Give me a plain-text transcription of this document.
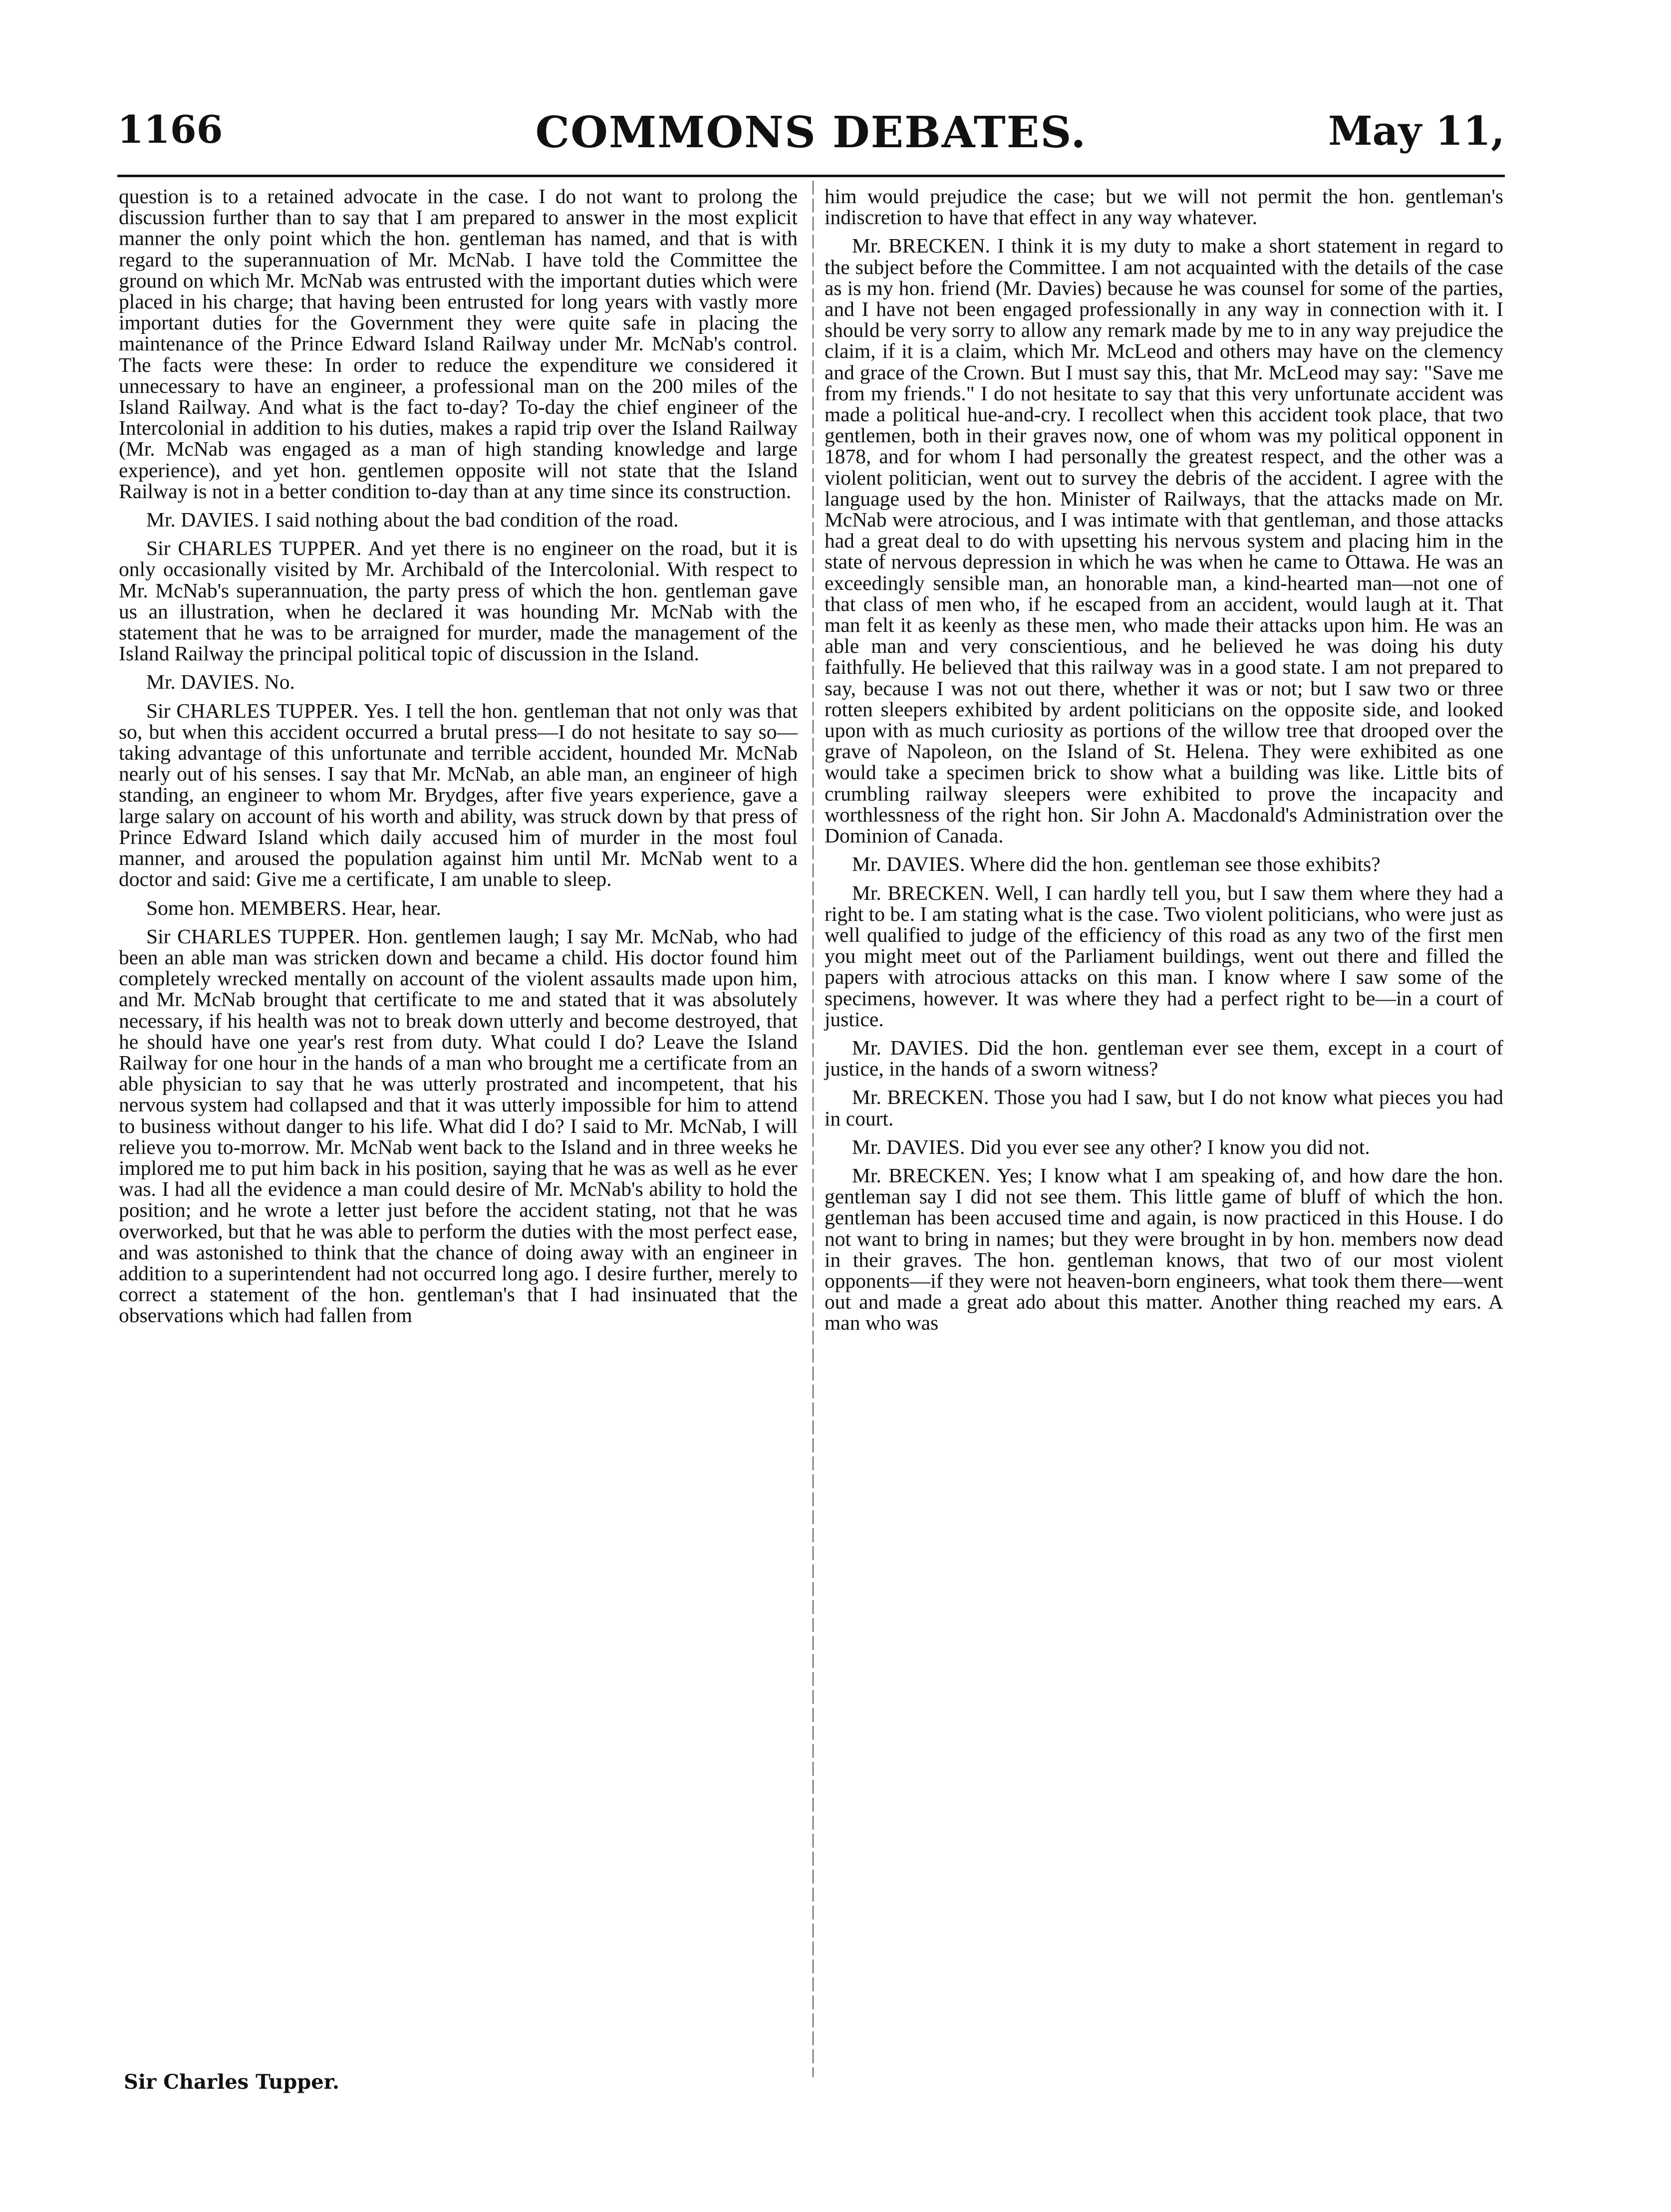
1166	COMMONS DEBATES.	May 11,

question is to a retained advocate in the case. I do not want to prolong the discussion further than to say that I am prepared to answer in the most explicit manner the only point which the hon. gentleman has named, and that is with regard to the superannuation of Mr. McNab. I have told the Committee the ground on which Mr. McNab was entrusted with the important duties which were placed in his charge; that having been entrusted for long years with vastly more important duties for the Government they were quite safe in placing the maintenance of the Prince Edward Island Railway under Mr. McNab's control. The facts were these: In order to reduce the expenditure we considered it unnecessary to have an engineer, a professional man on the 200 miles of the Island Railway. And what is the fact to-day? To-day the chief engineer of the Intercolonial in addition to his duties, makes a rapid trip over the Island Railway (Mr. McNab was engaged as a man of high standing knowledge and large experience), and yet hon. gentlemen opposite will not state that the Island Railway is not in a better condition to-day than at any time since its construction.

Mr. DAVIES. I said nothing about the bad condition of the road.

Sir CHARLES TUPPER. And yet there is no engineer on the road, but it is only occasionally visited by Mr. Archibald of the Intercolonial. With respect to Mr. McNab's superannuation, the party press of which the hon. gentleman gave us an illustration, when he declared it was hounding Mr. McNab with the statement that he was to be arraigned for murder, made the management of the Island Railway the principal political topic of discussion in the Island.

Mr. DAVIES. No.

Sir CHARLES TUPPER. Yes. I tell the hon. gentleman that not only was that so, but when this accident occurred a brutal press—I do not hesitate to say so—taking advantage of this unfortunate and terrible accident, hounded Mr. McNab nearly out of his senses. I say that Mr. McNab, an able man, an engineer of high standing, an engineer to whom Mr. Brydges, after five years experience, gave a large salary on account of his worth and ability, was struck down by that press of Prince Edward Island which daily accused him of murder in the most foul manner, and aroused the population against him until Mr. McNab went to a doctor and said: Give me a certificate, I am unable to sleep.

Some hon. MEMBERS. Hear, hear.

Sir CHARLES TUPPER. Hon. gentlemen laugh; I say Mr. McNab, who had been an able man was stricken down and became a child. His doctor found him completely wrecked mentally on account of the violent assaults made upon him, and Mr. McNab brought that certificate to me and stated that it was absolutely necessary, if his health was not to break down utterly and become destroyed, that he should have one year's rest from duty. What could I do? Leave the Island Railway for one hour in the hands of a man who brought me a certificate from an able physician to say that he was utterly prostrated and incompetent, that his nervous system had collapsed and that it was utterly impossible for him to attend to business without danger to his life. What did I do? I said to Mr. McNab, I will relieve you to-morrow. Mr. McNab went back to the Island and in three weeks he implored me to put him back in his position, saying that he was as well as he ever was. I had all the evidence a man could desire of Mr. McNab's ability to hold the position; and he wrote a letter just before the accident stating, not that he was overworked, but that he was able to perform the duties with the most perfect ease, and was astonished to think that the chance of doing away with an engineer in addition to a superintendent had not occurred long ago. I desire further, merely to correct a statement of the hon. gentleman's that I had insinuated that the observations which had fallen from

him would prejudice the case; but we will not permit the hon. gentleman's indiscretion to have that effect in any way whatever.

Mr. BRECKEN. I think it is my duty to make a short statement in regard to the subject before the Committee. I am not acquainted with the details of the case as is my hon. friend (Mr. Davies) because he was counsel for some of the parties, and I have not been engaged professionally in any way in connection with it. I should be very sorry to allow any remark made by me to in any way prejudice the claim, if it is a claim, which Mr. McLeod and others may have on the clemency and grace of the Crown. But I must say this, that Mr. McLeod may say: "Save me from my friends." I do not hesitate to say that this very unfortunate accident was made a political hue-and-cry. I recollect when this accident took place, that two gentlemen, both in their graves now, one of whom was my political opponent in 1878, and for whom I had personally the greatest respect, and the other was a violent politician, went out to survey the debris of the accident. I agree with the language used by the hon. Minister of Railways, that the attacks made on Mr. McNab were atrocious, and I was intimate with that gentleman, and those attacks had a great deal to do with upsetting his nervous system and placing him in the state of nervous depression in which he was when he came to Ottawa. He was an exceedingly sensible man, an honorable man, a kind-hearted man—not one of that class of men who, if he escaped from an accident, would laugh at it. That man felt it as keenly as these men, who made their attacks upon him. He was an able man and very conscientious, and he believed he was doing his duty faithfully. He believed that this railway was in a good state. I am not prepared to say, because I was not out there, whether it was or not; but I saw two or three rotten sleepers exhibited by ardent politicians on the opposite side, and looked upon with as much curiosity as portions of the willow tree that drooped over the grave of Napoleon, on the Island of St. Helena. They were exhibited as one would take a specimen brick to show what a building was like. Little bits of crumbling railway sleepers were exhibited to prove the incapacity and worthlessness of the right hon. Sir John A. Macdonald's Administration over the Dominion of Canada.

Mr. DAVIES. Where did the hon. gentleman see those exhibits?

Mr. BRECKEN. Well, I can hardly tell you, but I saw them where they had a right to be. I am stating what is the case. Two violent politicians, who were just as well qualified to judge of the efficiency of this road as any two of the first men you might meet out of the Parliament buildings, went out there and filled the papers with atrocious attacks on this man. I know where I saw some of the specimens, however. It was where they had a perfect right to be—in a court of justice.

Mr. DAVIES. Did the hon. gentleman ever see them, except in a court of justice, in the hands of a sworn witness?

Mr. BRECKEN. Those you had I saw, but I do not know what pieces you had in court.

Mr. DAVIES. Did you ever see any other? I know you did not.

Mr. BRECKEN. Yes; I know what I am speaking of, and how dare the hon. gentleman say I did not see them. This little game of bluff of which the hon. gentleman has been accused time and again, is now practiced in this House. I do not want to bring in names; but they were brought in by hon. members now dead in their graves. The hon. gentleman knows, that two of our most violent opponents—if they were not heaven-born engineers, what took them there—went out and made a great ado about this matter. Another thing reached my ears. A man who was

Sir Charles Tupper.
